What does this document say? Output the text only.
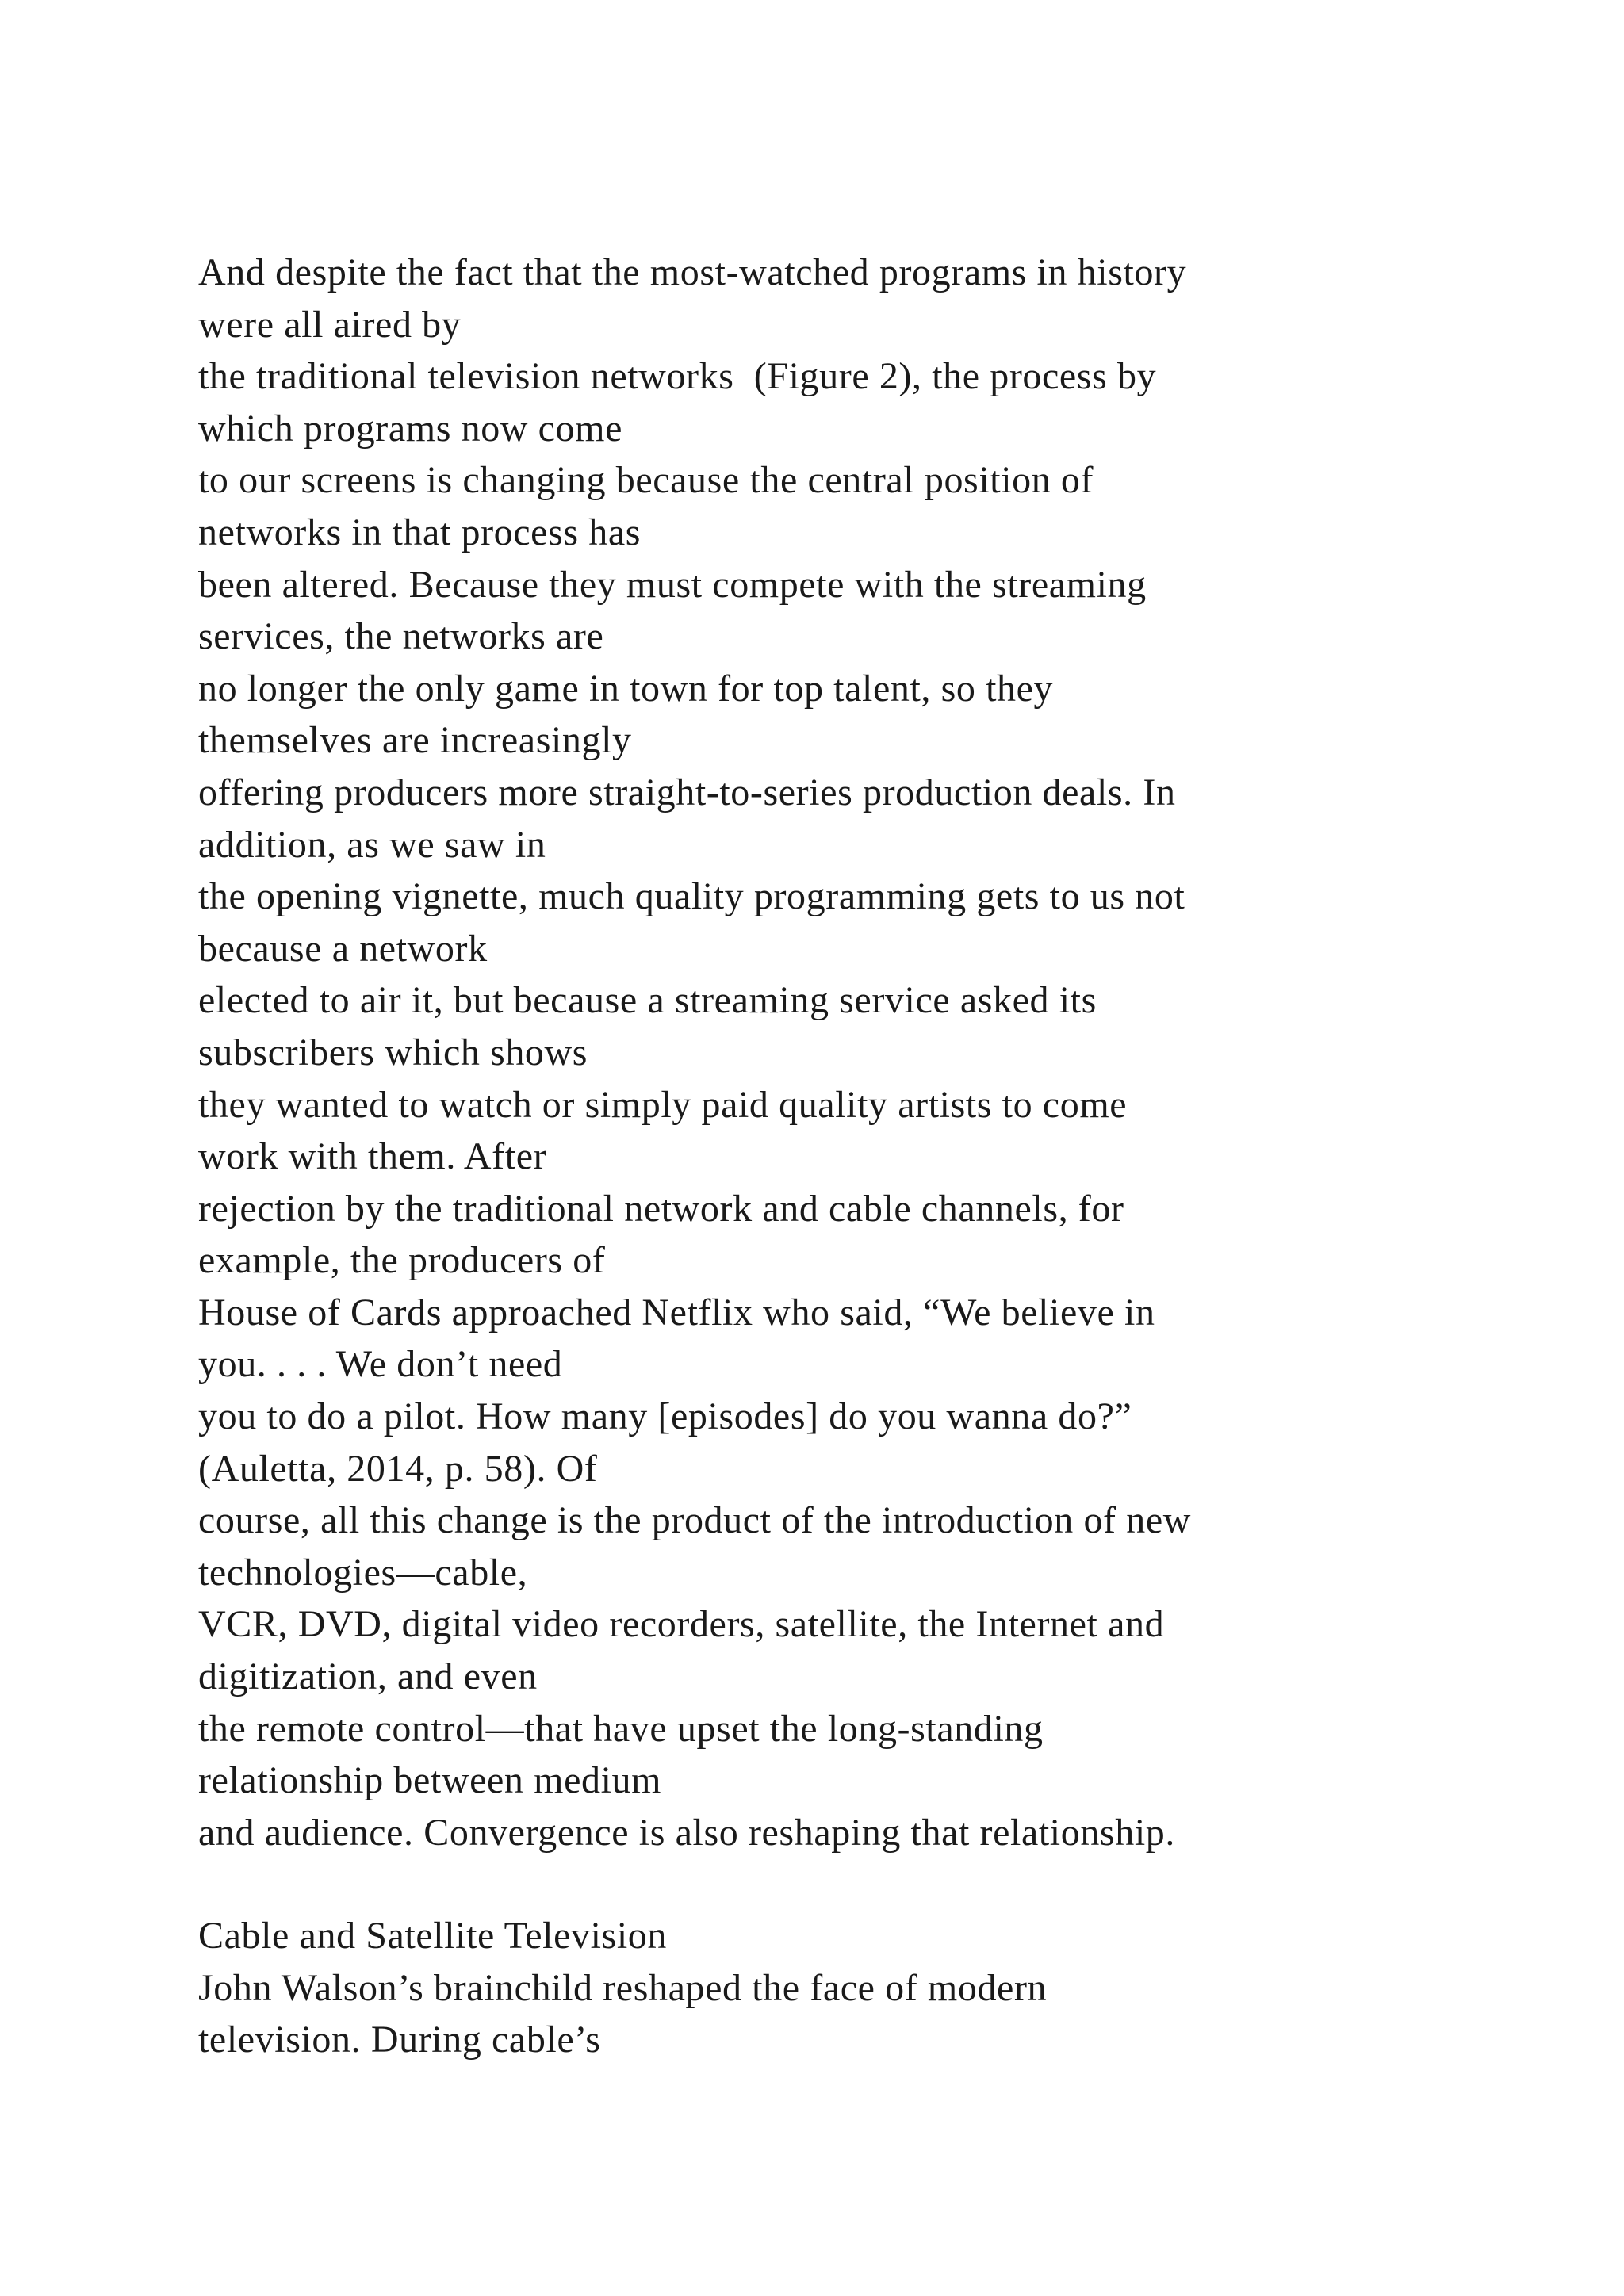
And despite the fact that the most-watched programs in history
were all aired by
the traditional television networks  (Figure 2), the process by
which programs now come
to our screens is changing because the central position of
networks in that process has
been altered. Because they must compete with the streaming
services, the networks are
no longer the only game in town for top talent, so they
themselves are increasingly
offering producers more straight-to-series production deals. In
addition, as we saw in
the opening vignette, much quality programming gets to us not
because a network
elected to air it, but because a streaming service asked its
subscribers which shows
they wanted to watch or simply paid quality artists to come
work with them. After
rejection by the traditional network and cable channels, for
example, the producers of
House of Cards approached Netflix who said, “We believe in
you. . . . We don’t need
you to do a pilot. How many [episodes] do you wanna do?”
(Auletta, 2014, p. 58). Of
course, all this change is the product of the introduction of new
technologies—cable,
VCR, DVD, digital video recorders, satellite, the Internet and
digitization, and even
the remote control—that have upset the long-standing
relationship between medium
and audience. Convergence is also reshaping that relationship.
Cable and Satellite Television
John Walson’s brainchild reshaped the face of modern
television. During cable’s
